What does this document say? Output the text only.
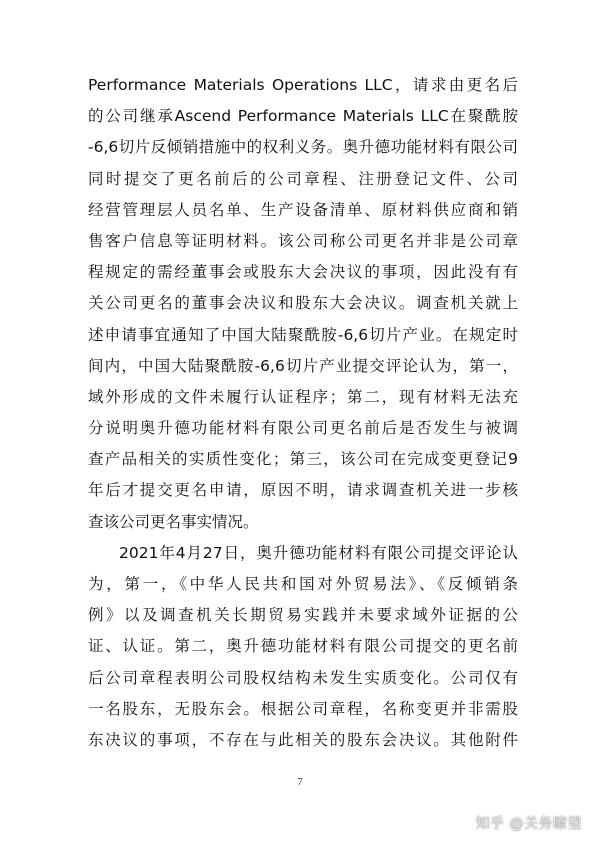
Performance Materials Operations LLC，请求由更名后
的公司继承Ascend Performance Materials LLC在聚酰胺
-6,6切片反倾销措施中的权利义务。奥升德功能材料有限公司
同时提交了更名前后的公司章程、注册登记文件、公司
经营管理层人员名单、生产设备清单、原材料供应商和销
售客户信息等证明材料。该公司称公司更名并非是公司章
程规定的需经董事会或股东大会决议的事项，因此没有有
关公司更名的董事会决议和股东大会决议。调查机关就上
述申请事宜通知了中国大陆聚酰胺-6,6切片产业。在规定时
间内，中国大陆聚酰胺-6,6切片产业提交评论认为，第一，
域外形成的文件未履行认证程序；第二，现有材料无法充
分说明奥升德功能材料有限公司更名前后是否发生与被调
查产品相关的实质性变化；第三，该公司在完成变更登记9
年后才提交更名申请，原因不明，请求调查机关进一步核
查该公司更名事实情况。
2021年4月27日，奥升德功能材料有限公司提交评论认
为，第一，《中华人民共和国对外贸易法》、《反倾销条
例》以及调查机关长期贸易实践并未要求域外证据的公
证、认证。第二，奥升德功能材料有限公司提交的更名前
后公司章程表明公司股权结构未发生实质变化。公司仅有
一名股东，无股东会。根据公司章程，名称变更并非需股
东决议的事项，不存在与此相关的股东会决议。其他附件
7
知乎 @关务瞭望
